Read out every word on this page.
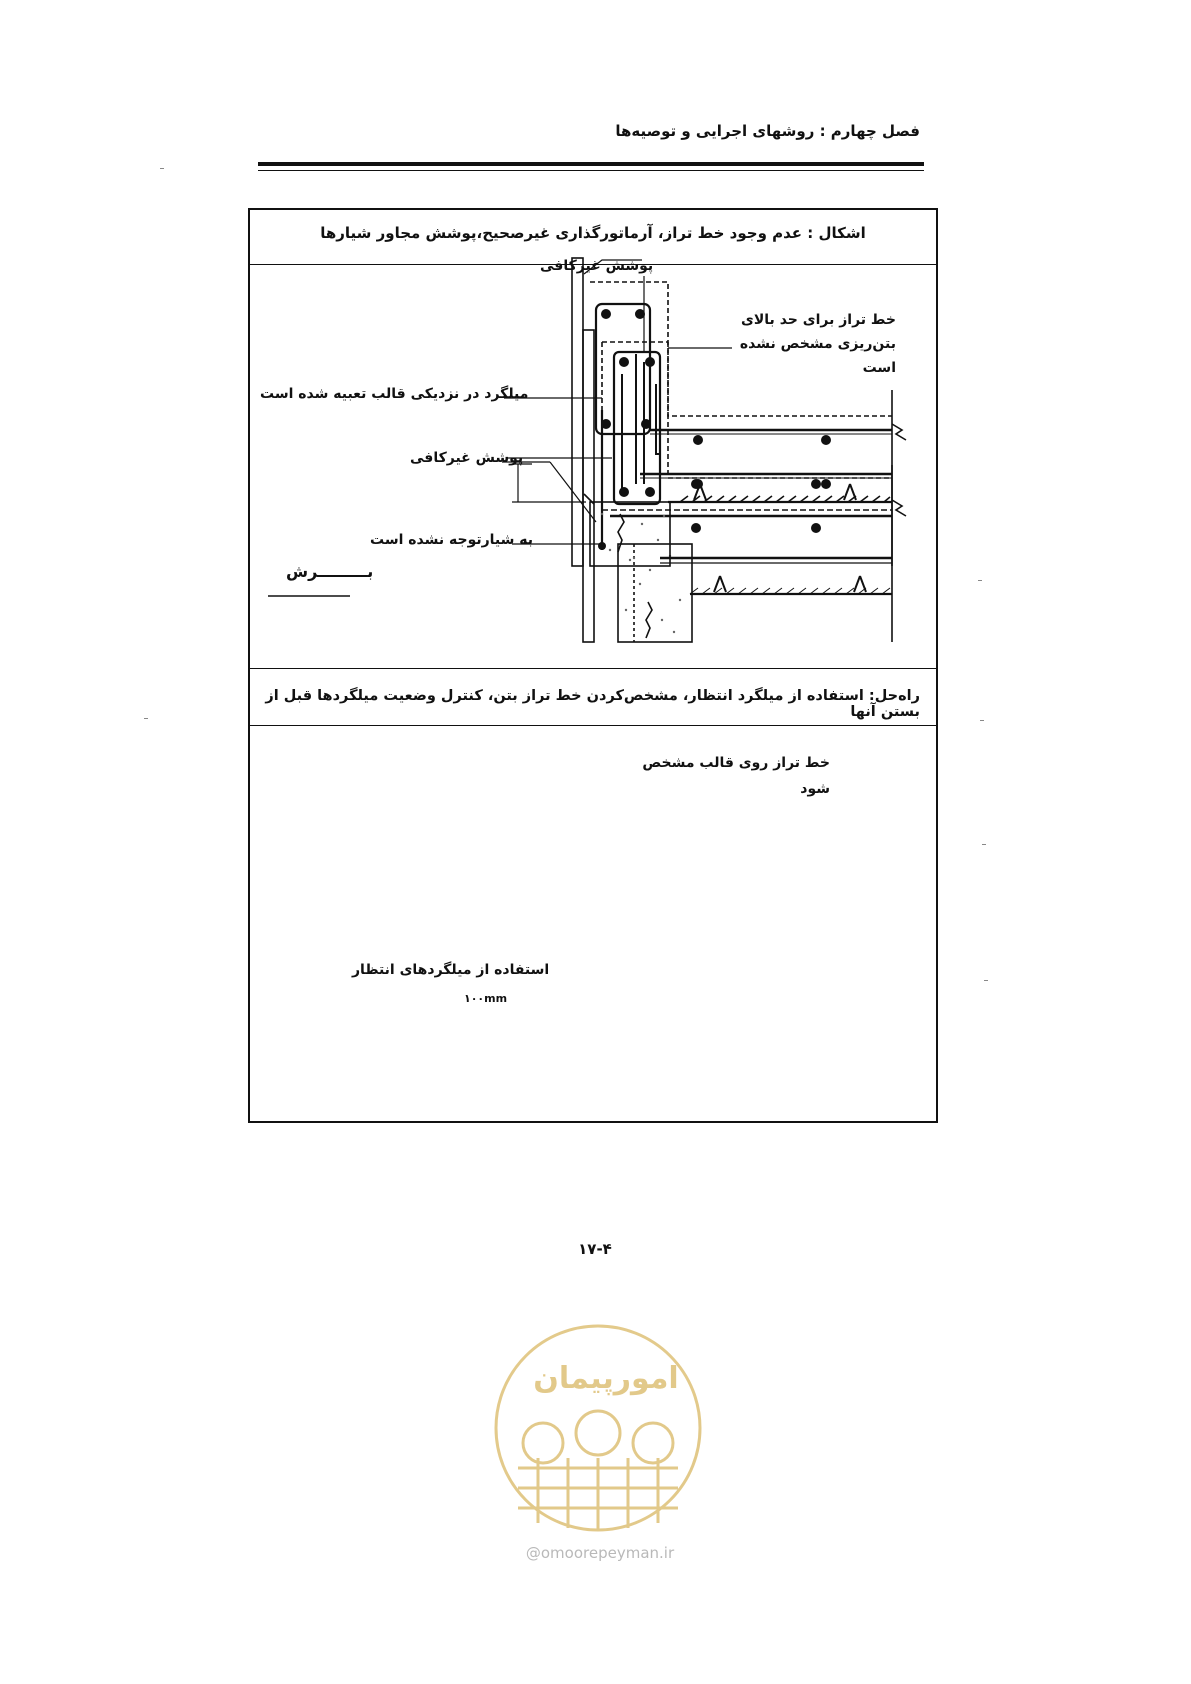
فصل چهارم : روشهای اجرایی و توصیه‌ها
اشکال : عدم وجود خط تراز، آرماتورگذاری غیرصحیح،پوشش مجاور شیارها
راه‌حل: استفاده از میلگرد انتظار، مشخص‌کردن خط تراز بتن، کنترل وضعیت میلگردها قبل از بستن آنها
پوشش غیرکافی
خط تراز برای حد بالای
بتن‌ریزی مشخص نشده
است
میلگرد در نزدیکی قالب تعبیه شده است
پوشش غیرکافی
به شیارتوجه نشده است
بـــــــــرش
خط تراز روی قالب مشخص
شود
استفاده از میلگردهای انتظار
۱۰۰mm
۱۷-۴
امورپیمان
@omoorepeyman.ir
